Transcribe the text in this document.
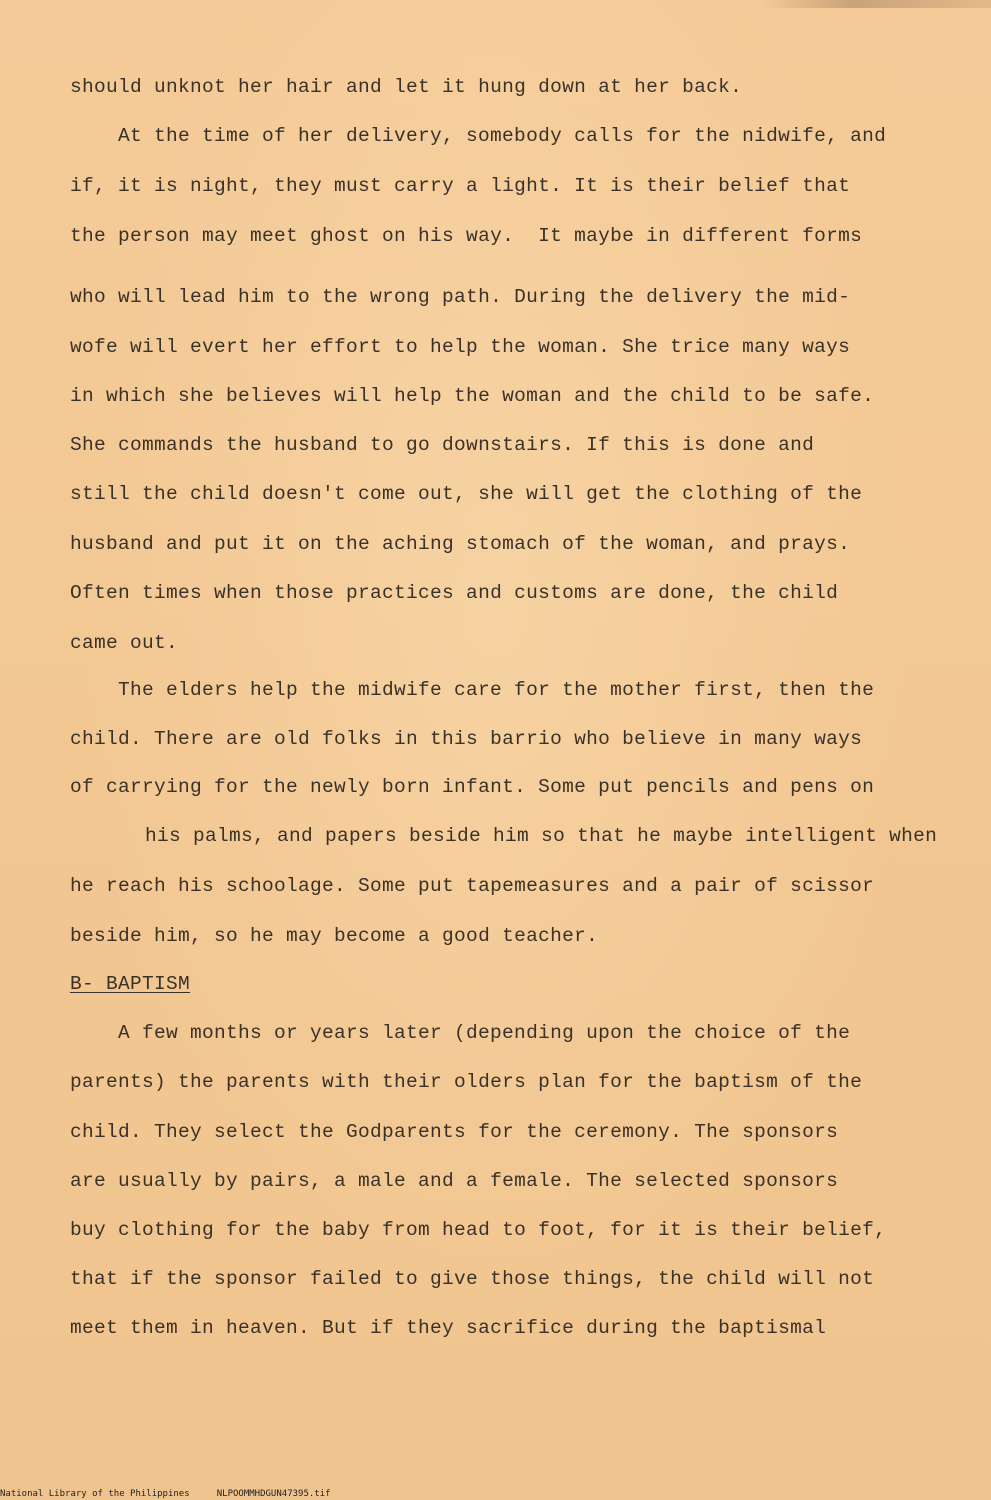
should unknot her hair and let it hung down at her back.
At the time of her delivery, somebody calls for the nidwife, and
if, it is night, they must carry a light. It is their belief that
the person may meet ghost on his way.  It maybe in different forms
who will lead him to the wrong path. During the delivery the mid-
wofe will evert her effort to help the woman. She trice many ways
in which she believes will help the woman and the child to be safe.
She commands the husband to go downstairs. If this is done and
still the child doesn't come out, she will get the clothing of the
husband and put it on the aching stomach of the woman, and prays.
Often times when those practices and customs are done, the child
came out.
The elders help the midwife care for the mother first, then the
child. There are old folks in this barrio who believe in many ways
of carrying for the newly born infant. Some put pencils and pens on
his palms, and papers beside him so that he maybe intelligent when
he reach his schoolage. Some put tapemeasures and a pair of scissor
beside him, so he may become a good teacher.
B- BAPTISM
A few months or years later (depending upon the choice of the
parents) the parents with their olders plan for the baptism of the
child. They select the Godparents for the ceremony. The sponsors
are usually by pairs, a male and a female. The selected sponsors
buy clothing for the baby from head to foot, for it is their belief,
that if the sponsor failed to give those things, the child will not
meet them in heaven. But if they sacrifice during the baptismal
National Library of the Philippines	NLPOOMMHDGUN47395.tif
